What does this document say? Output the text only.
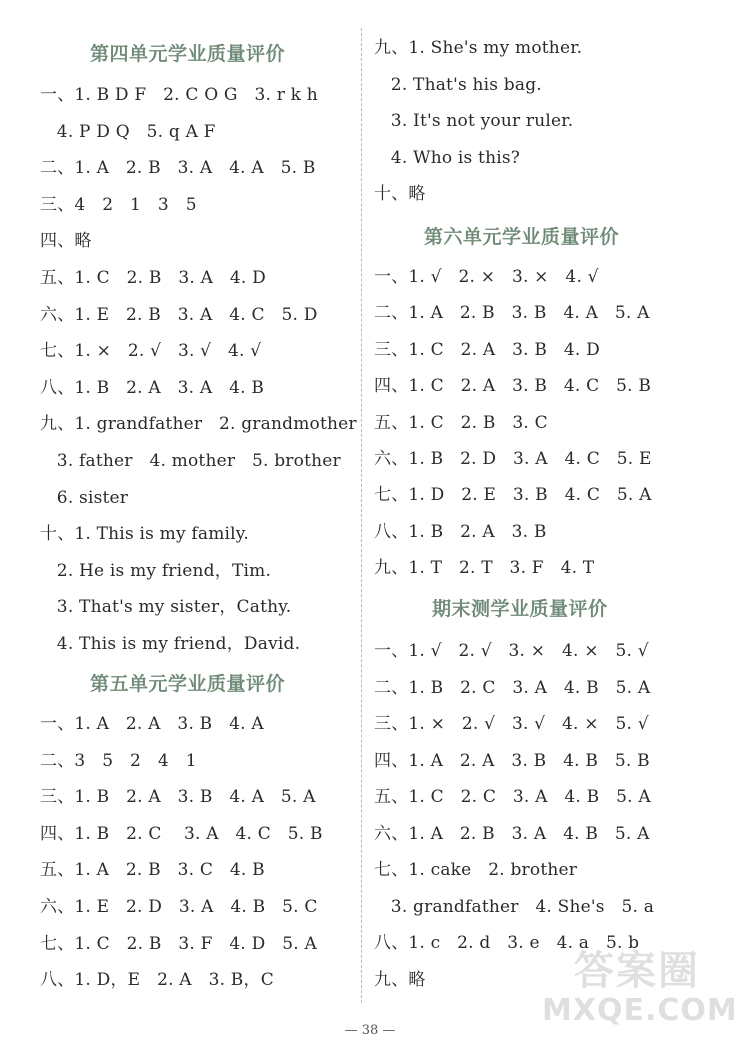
第四单元学业质量评价
一、1. B D F   2. C O G   3. r k h
4. P D Q   5. q A F
二、1. A   2. B   3. A   4. A   5. B
三、4   2   1   3   5
四、略
五、1. C   2. B   3. A   4. D
六、1. E   2. B   3. A   4. C   5. D
七、1. ×   2. √   3. √   4. √
八、1. B   2. A   3. A   4. B
九、1. grandfather   2. grandmother
3. father   4. mother   5. brother
6. sister
十、1. This is my family.
2. He is my friend，Tim.
3. That's my sister，Cathy.
4. This is my friend，David.
第五单元学业质量评价
一、1. A   2. A   3. B   4. A
二、3   5   2   4   1
三、1. B   2. A   3. B   4. A   5. A
四、1. B   2. C    3. A   4. C   5. B
五、1. A   2. B   3. C   4. B
六、1. E   2. D   3. A   4. B   5. C
七、1. C   2. B   3. F   4. D   5. A
八、1. D，E   2. A   3. B，C
九、1. She's my mother.
2. That's his bag.
3. It's not your ruler.
4. Who is this?
十、略
第六单元学业质量评价
一、1. √   2. ×   3. ×   4. √
二、1. A   2. B   3. B   4. A   5. A
三、1. C   2. A   3. B   4. D
四、1. C   2. A   3. B   4. C   5. B
五、1. C   2. B   3. C
六、1. B   2. D   3. A   4. C   5. E
七、1. D   2. E   3. B   4. C   5. A
八、1. B   2. A   3. B
九、1. T   2. T   3. F   4. T
期末测学业质量评价
一、1. √   2. √   3. ×   4. ×   5. √
二、1. B   2. C   3. A   4. B   5. A
三、1. ×   2. √   3. √   4. ×   5. √
四、1. A   2. A   3. B   4. B   5. B
五、1. C   2. C   3. A   4. B   5. A
六、1. A   2. B   3. A   4. B   5. A
七、1. cake   2. brother
3. grandfather   4. She's   5. a
八、1. c   2. d   3. e   4. a   5. b
九、略
— 38 —
答案圈
MXQE.COM
